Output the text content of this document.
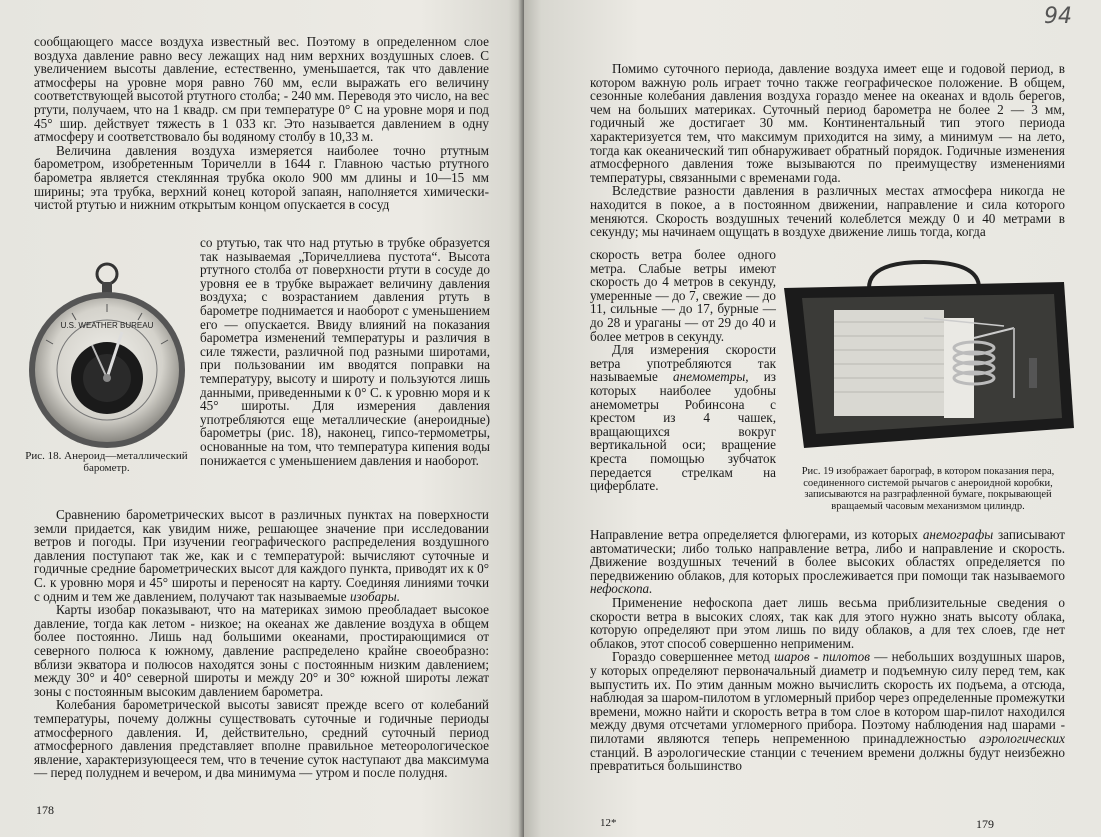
сообщающего массе воздуха известный вес. Поэтому в определенном слое воздуха давление равно весу лежащих над ним верхних воздушных слоев. С увеличением высоты давление, естественно, уменьшается, так что давление атмосферы на уровне моря равно 760 мм, если выражать его величину соответствующей высотой ртутного столба; - 240 мм. Переводя это число, на вес ртути, получаем, что на 1 квадр. см при температуре 0° С на уровне моря и под 45° шир. действует тяжесть в 1 033 кг. Это называется давлением в одну атмосферу и соответствовало бы водяному столбу в 10,33 м.

Величина давления воздуха измеряется наиболее точно ртутным барометром, изобретенным Торичелли в 1644 г. Главною частью ртутного барометра является стеклянная трубка около 900 мм длины и 10—15 мм ширины; эта трубка, верхний конец которой запаян, наполняется химически-чистой ртутью и нижним открытым концом опускается в сосуд

U.S. WEATHER BUREAU

со ртутью, так что над ртутью в трубке образуется так называемая „Торичеллиева пустота“. Высота ртутного столба от поверхности ртути в сосуде до уровня ее в трубке выражает величину давления воздуха; с возрастанием давления ртуть в барометре поднимается и наоборот с уменьшением его — опускается. Ввиду влияний на показания барометра изменений температуры и различия в силе тяжести, различной под разными широтами, при пользовании им вводятся поправки на температуру, высоту и широту и пользуются лишь данными, приведенными к 0° С. к уровню моря и к 45° широты. Для измерения давления употребляются еще металлические (анероидные) барометры (рис. 18), наконец, гипсо-термометры, основанные на том, что температура кипения воды понижается с уменьшением давления и наоборот.

Рис. 18. Анероид—металлический барометр.

Сравнению барометрических высот в различных пунктах на поверхности земли придается, как увидим ниже, решающее значение при исследовании ветров и погоды. При изучении географического распределения воздушного давления поступают так же, как и с температурой: вычисляют суточные и годичные средние барометрических высот для каждого пункта, приводят их к 0° С. к уровню моря и 45° широты и переносят на карту. Соединяя линиями точки с одним и тем же давлением, получают так называемые изобары.

Карты изобар показывают, что на материках зимою преобладает высокое давление, тогда как летом - низкое; на океанах же давление воздуха в общем более постоянно. Лишь над большими океанами, простирающимися от северного полюса к южному, давление распределено крайне своеобразно: вблизи экватора и полюсов находятся зоны с постоянным низким давлением; между 30° и 40° северной широты и между 20° и 30° южной широты лежат зоны с постоянным высоким давлением барометра.

Колебания барометрической высоты зависят прежде всего от колебаний температуры, почему должны существовать суточные и годичные периоды атмосферного давления. И, действительно, средний суточный период атмосферного давления представляет вполне правильное метеорологическое явление, характеризующееся тем, что в течение суток наступают два максимума — перед полуднем и вечером, и два минимума — утром и после полудня.

178
94

Помимо суточного периода, давление воздуха имеет еще и годовой период, в котором важную роль играет точно также географическое положение. В общем, сезонные колебания давления воздуха гораздо менее на океанах и вдоль берегов, чем на больших материках. Суточный период барометра не более 2 — 3 мм, годичный же достигает 30 мм. Континентальный тип этого периода характеризуется тем, что максимум приходится на зиму, а минимум — на лето, тогда как океанический тип обнаруживает обратный порядок. Годичные изменения атмосферного давления тоже вызываются по преимуществу изменениями температуры, связанными с временами года.

Вследствие разности давления в различных местах атмосфера никогда не находится в покое, а в постоянном движении, направление и сила которого меняются. Скорость воздушных течений колеблется между 0 и 40 метрами в секунду; мы начинаем ощущать в воздухе движение лишь тогда, когда

скорость ветра более одного метра. Слабые ветры имеют скорость до 4 метров в секунду, умеренные — до 7, свежие — до 11, сильные — до 17, бурные — до 28 и ураганы — от 29 до 40 и более метров в секунду.

Для измерения скорости ветра употребляются так называемые анемометры, из которых наиболее удобны анемометры Робинсона с крестом из 4 чашек, вращающихся вокруг вертикальной оси; вращение креста помощью зубчаток передается стрелкам на циферблате.

Рис. 19 изображает барограф, в котором показания пера, соединенного системой рычагов с анероидной коробки, записываются на разграфленной бумаге, покрывающей вращаемый часовым механизмом цилиндр.

Направление ветра определяется флюгерами, из которых анемографы записывают автоматически; либо только направление ветра, либо и направление и скорость. Движение воздушных течений в более высоких областях определяется по передвижению облаков, для которых прослеживается при помощи так называемого нефоскопа.

Применение нефоскопа дает лишь весьма приблизительные сведения о скорости ветра в высоких слоях, так как для этого нужно знать высоту облака, которую определяют при этом лишь по виду облаков, а для тех слоев, где нет облаков, этот способ совершенно неприменим.

Гораздо совершеннее метод шаров - пилотов — небольших воздушных шаров, у которых определяют первоначальный диаметр и подъемную силу перед тем, как выпустить их. По этим данным можно вычислить скорость их подъема, а отсюда, наблюдая за шаром-пилотом в угломерный прибор через определенные промежутки времени, можно найти и скорость ветра в том слое в котором шар-пилот находился между двумя отсчетами угломерного прибора. Поэтому наблюдения над шарами - пилотами являются теперь непременною принадлежностью аэрологических станций. В аэрологические станции с течением времени должны будут неизбежно превратиться большинство

12*	179
